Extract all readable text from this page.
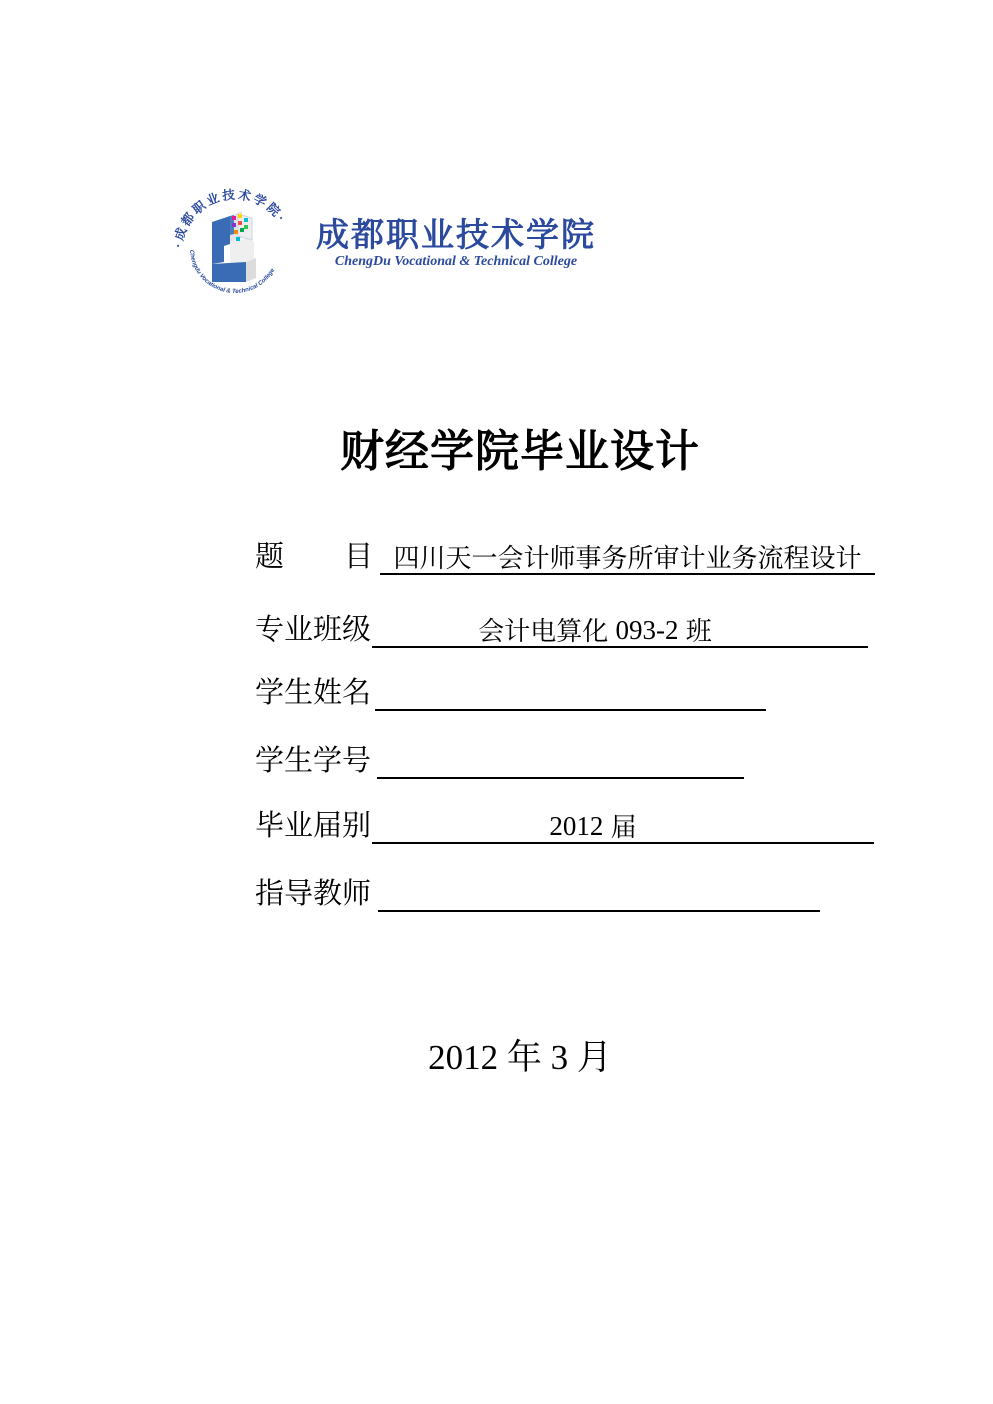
·成都职业技术学院·
Chengdu Vocational & Technical College
成都职业技术学院
ChengDu Vocational & Technical College
财经学院毕业设计
题 目 四川天一会计师事务所审计业务流程设计
专业班级	会计电算化 093-2 班
学生姓名
学生学号
毕业届别	2012 届
指导教师
2012 年 3 月
